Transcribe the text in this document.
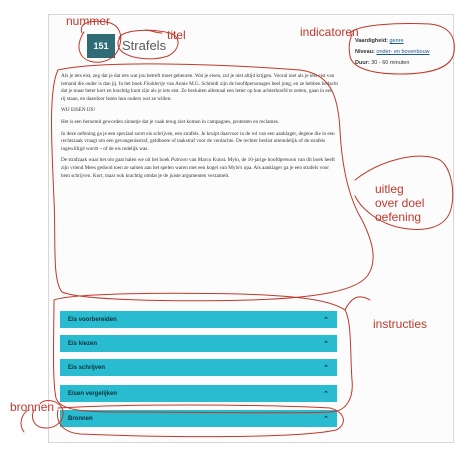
151	Strafels	Vaardigheid: genre
Niveau: onder- en bovenbouw
Duur: 30 - 60 minuten

Als je iets eist, zeg dat je dat iets wat jou betreft moet gebeuren. Wat je eisen, zul je niet altijd krijgen. Vooral niet als je iets eist van iemand die ouder is dan jij. In het boek Floddertje van Annie M.G. Schmidt zijn de hoofdpersonages heel jong, en ze hebben bedacht dat je maar beter kort en krachtig kunt zijn als je iets eist. Ze besluiten allemaal een letter op hun achterhoofd te zetten, gaan in een rij staan, en daardoor lezen hun ouders wat ze willen:

WIJ EISEN IJS!

Het is een beroemd geworden zinnetje dat je vaak terug ziet komen in campagnes, protesten en reclames.

In deze oefening ga je een speciaal soort eis schrijven, een strafels. Je kruipt daarvoor in de rol van een aanklager, degene die in een rechtszaak vraagt om een gevangenisstraf, geldboete of taakstraf voor de verdachte. De rechter beslist uiteindelijk of de strafeis ingewilligd wordt – of de eis redelijk was.

De strafzaak waar het om gaat halen we uit het boek Patroon van Marco Kunst. Mylo, de 16-jarige hoofdpersoon van dit boek heeft zijn vriend Mees gedood toen ze samen aan het spelen waren met een kogel van Mylo's opa. Als aanklager ga je een strafels voor hem schrijven. Kort, maar ook krachtig omdat je de juiste argumenten verzamelt.

Eis voorbereiden	⌃
Eis kiezen	⌃
Eis schrijven	⌃
Eisen vergelijken	⌃
Bronnen	⌃
nummer
titel	indicatoren
uitleg
over doel
oefening
instructies
bronnen
